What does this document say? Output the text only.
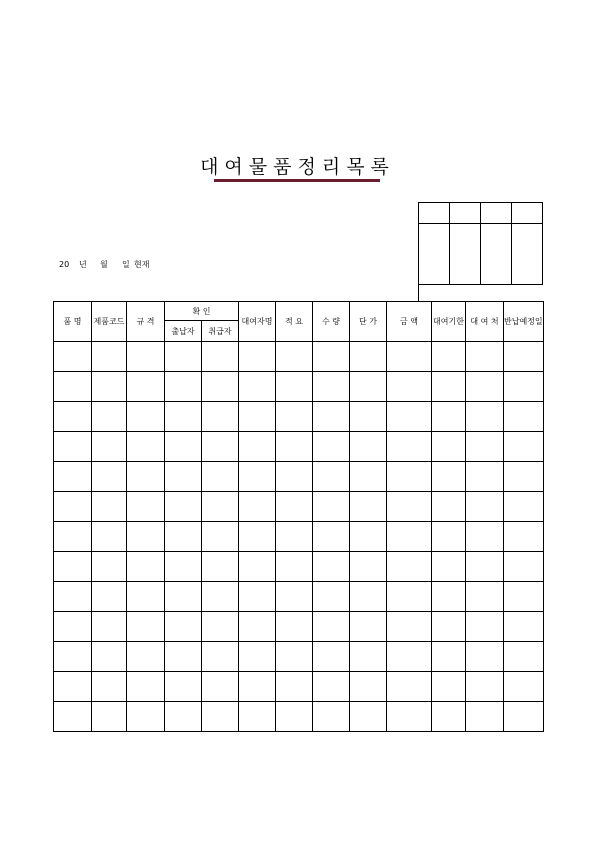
대여물품정리목록

20 년 월 일 현재
품 명	제품코드	규 격	확 인		대여자명	적 요	수 량	단 가	금 액	대여기한	대 여 처	반납예정일
			출납자	취급자								
